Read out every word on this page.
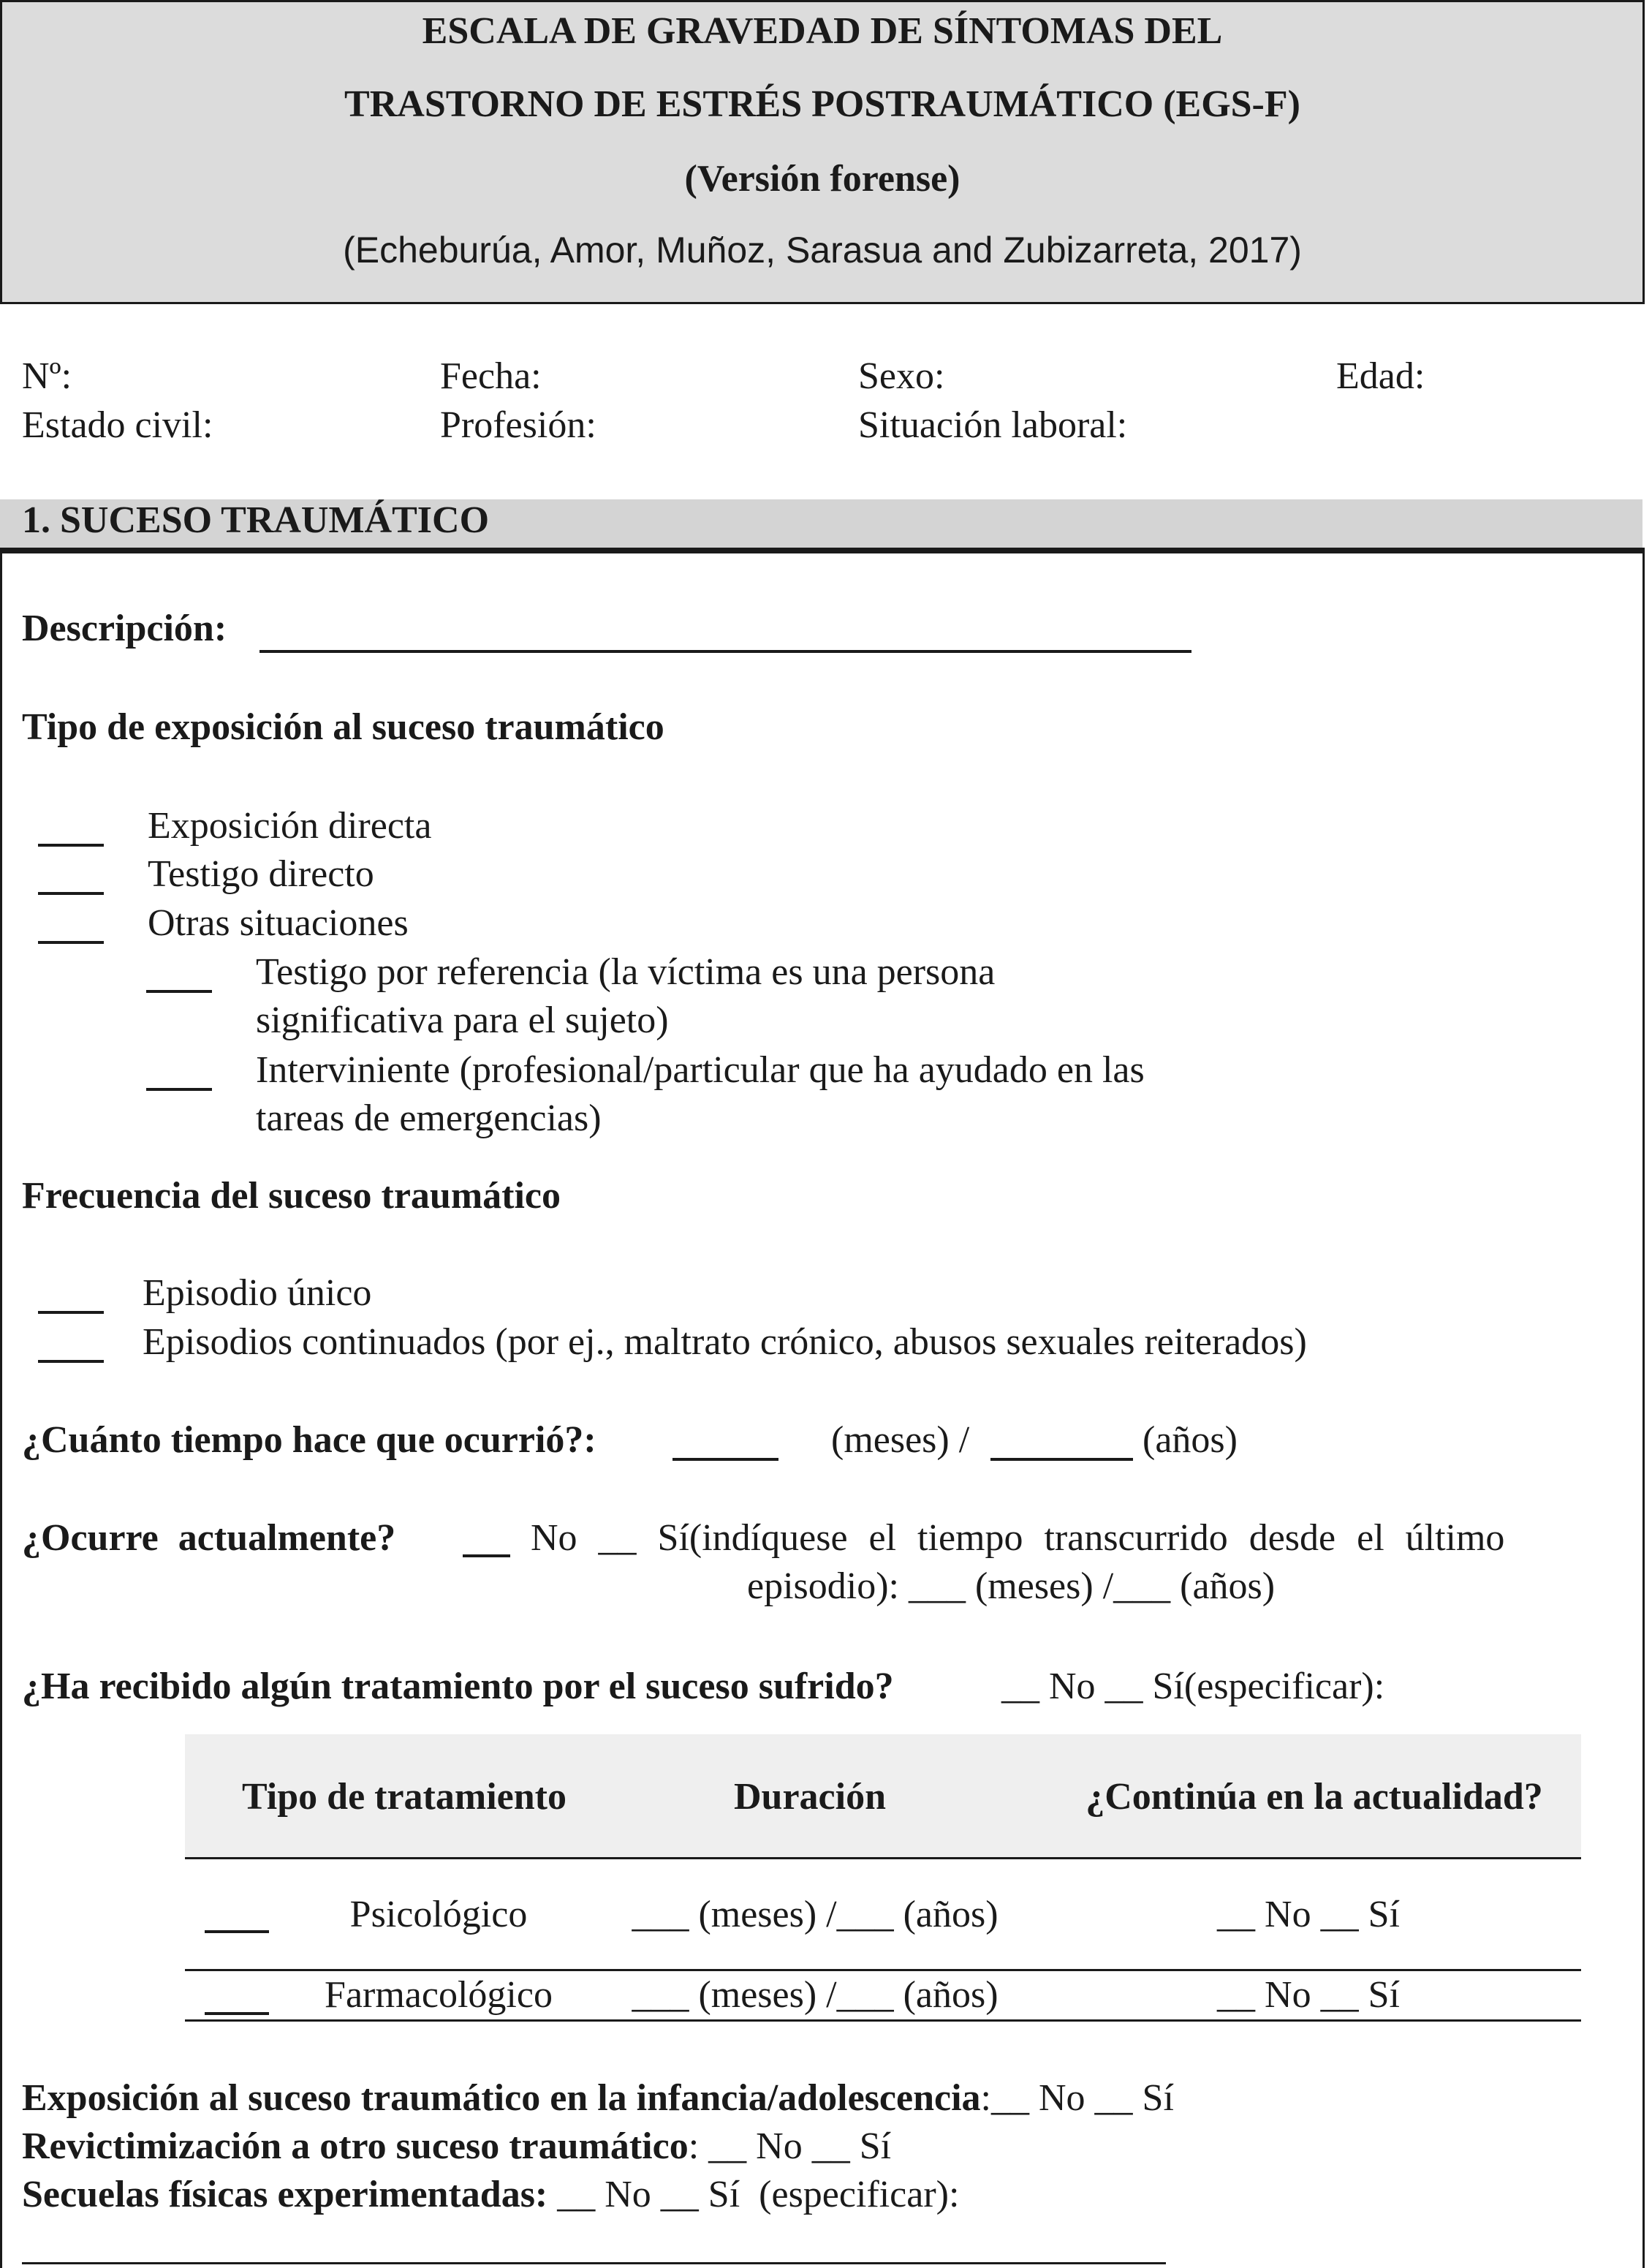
ESCALA DE GRAVEDAD DE SÍNTOMAS DEL
TRASTORNO DE ESTRÉS POSTRAUMÁTICO (EGS-F)
(Versión forense)
(Echeburúa, Amor, Muñoz, Sarasua and Zubizarreta, 2017)
Nº:	Fecha:	Sexo:	Edad:
Estado civil:	Profesión:	Situación laboral:
1. SUCESO TRAUMÁTICO
Descripción:
Tipo de exposición al suceso traumático
Exposición directa
Testigo directo
Otras situaciones
Testigo por referencia (la víctima es una persona
significativa para el sujeto)
Interviniente (profesional/particular que ha ayudado en las
tareas de emergencias)
Frecuencia del suceso traumático
Episodio único
Episodios continuados (por ej., maltrato crónico, abusos sexuales reiterados)
¿Cuánto tiempo hace que ocurrió?:	(meses) /	(años)
¿Ocurre actualmente?	No __ Sí(indíquese el tiempo transcurrido desde el último
episodio): ___ (meses) /___ (años)
¿Ha recibido algún tratamiento por el suceso sufrido?	__ No __ Sí(especificar):
Tipo de tratamiento	Duración	¿Continúa en la actualidad?
Psicológico	___ (meses) /___ (años)	__ No __ Sí
Farmacológico	___ (meses) /___ (años)	__ No __ Sí
Exposición al suceso traumático en la infancia/adolescencia:__ No __ Sí
Revictimización a otro suceso traumático: __ No __ Sí
Secuelas físicas experimentadas: __ No __ Sí  (especificar):
